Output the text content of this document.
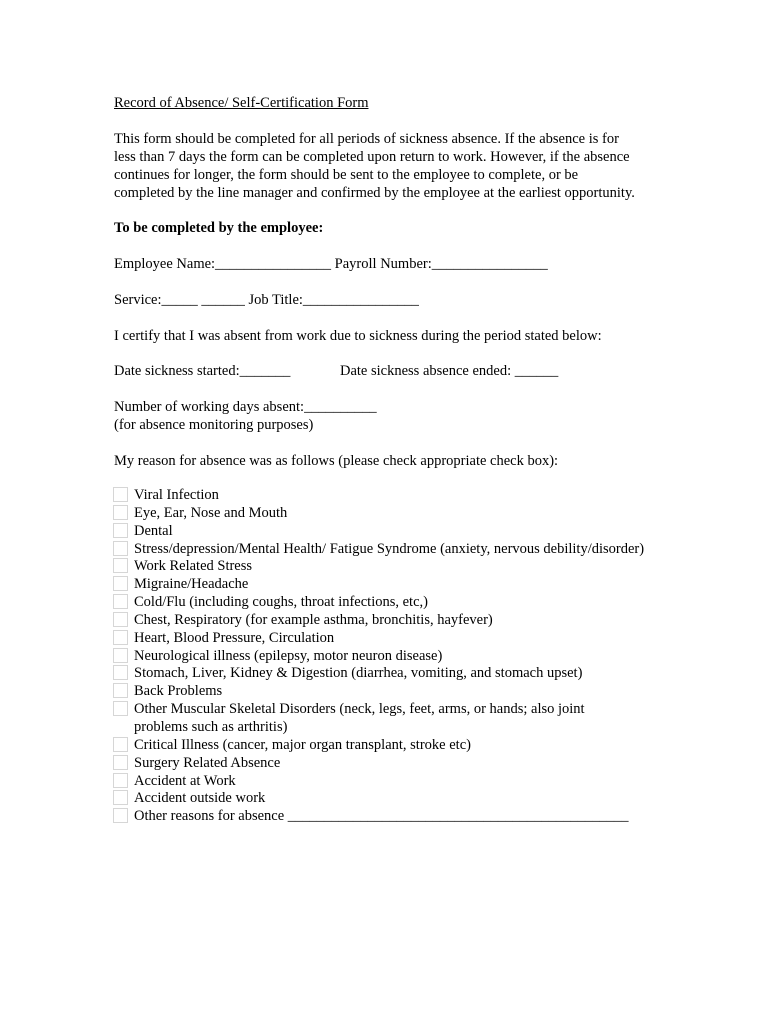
Record of Absence/ Self-Certification Form
This form should be completed for all periods of sickness absence. If the absence is for
less than 7 days the form can be completed upon return to work. However, if the absence
continues for longer, the form should be sent to the employee to complete, or be
completed by the line manager and confirmed by the employee at the earliest opportunity.
To be completed by the employee:
Employee Name:________________ Payroll Number:________________
Service:_____ ______ Job Title:________________
I certify that I was absent from work due to sickness during the period stated below:
Date sickness started:_______	Date sickness absence ended: ______
Number of working days absent:__________
(for absence monitoring purposes)
My reason for absence was as follows (please check appropriate check box):
Viral Infection
Eye, Ear, Nose and Mouth
Dental
Stress/depression/Mental Health/ Fatigue Syndrome (anxiety, nervous debility/disorder)
Work Related Stress
Migraine/Headache
Cold/Flu (including coughs, throat infections, etc,)
Chest, Respiratory (for example asthma, bronchitis, hayfever)
Heart, Blood Pressure, Circulation
Neurological illness (epilepsy, motor neuron disease)
Stomach, Liver, Kidney & Digestion (diarrhea, vomiting, and stomach upset)
Back Problems
Other Muscular Skeletal Disorders (neck, legs, feet, arms, or hands; also joint
problems such as arthritis)
Critical Illness (cancer, major organ transplant, stroke etc)
Surgery Related Absence
Accident at Work
Accident outside work
Other reasons for absence _______________________________________________
